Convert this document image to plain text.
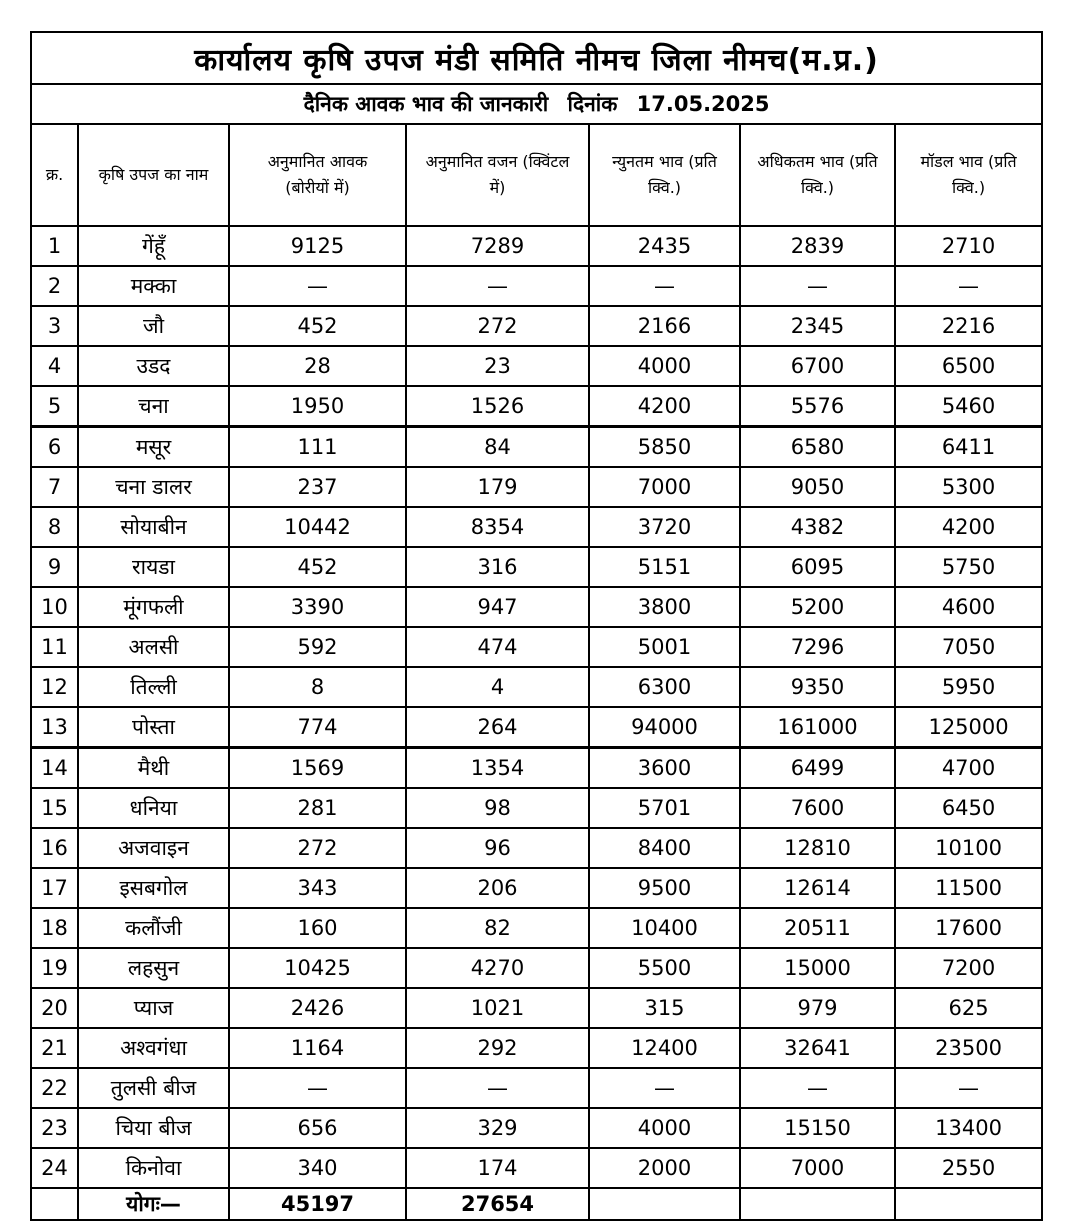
कार्यालय कृषि उपज मंडी समिति नीमच जिला नीमच(म.प्र.)						
दैनिक आवक भाव की जानकारी दिनांक 17.05.2025						
क्र.	कृषि उपज का नाम	अनुमानित आवक (बोरीयों में)	अनुमानित वजन (क्विंटल में)	न्युनतम भाव (प्रति क्वि.)	अधिकतम भाव (प्रति क्वि.)	मॉडल भाव (प्रति क्वि.)
1	गेंहूँ	9125	7289	2435	2839	2710
2	मक्का	—	—	—	—	—
3	जौ	452	272	2166	2345	2216
4	उडद	28	23	4000	6700	6500
5	चना	1950	1526	4200	5576	5460
6	मसूर	111	84	5850	6580	6411
7	चना डालर	237	179	7000	9050	5300
8	सोयाबीन	10442	8354	3720	4382	4200
9	रायडा	452	316	5151	6095	5750
10	मूंगफली	3390	947	3800	5200	4600
11	अलसी	592	474	5001	7296	7050
12	तिल्ली	8	4	6300	9350	5950
13	पोस्ता	774	264	94000	161000	125000
14	मैथी	1569	1354	3600	6499	4700
15	धनिया	281	98	5701	7600	6450
16	अजवाइन	272	96	8400	12810	10100
17	इसबगोल	343	206	9500	12614	11500
18	कलौंजी	160	82	10400	20511	17600
19	लहसुन	10425	4270	5500	15000	7200
20	प्याज	2426	1021	315	979	625
21	अश्वगंधा	1164	292	12400	32641	23500
22	तुलसी बीज	—	—	—	—	—
23	चिया बीज	656	329	4000	15150	13400
24	किनोवा	340	174	2000	7000	2550
	योगः—	45197	27654			
